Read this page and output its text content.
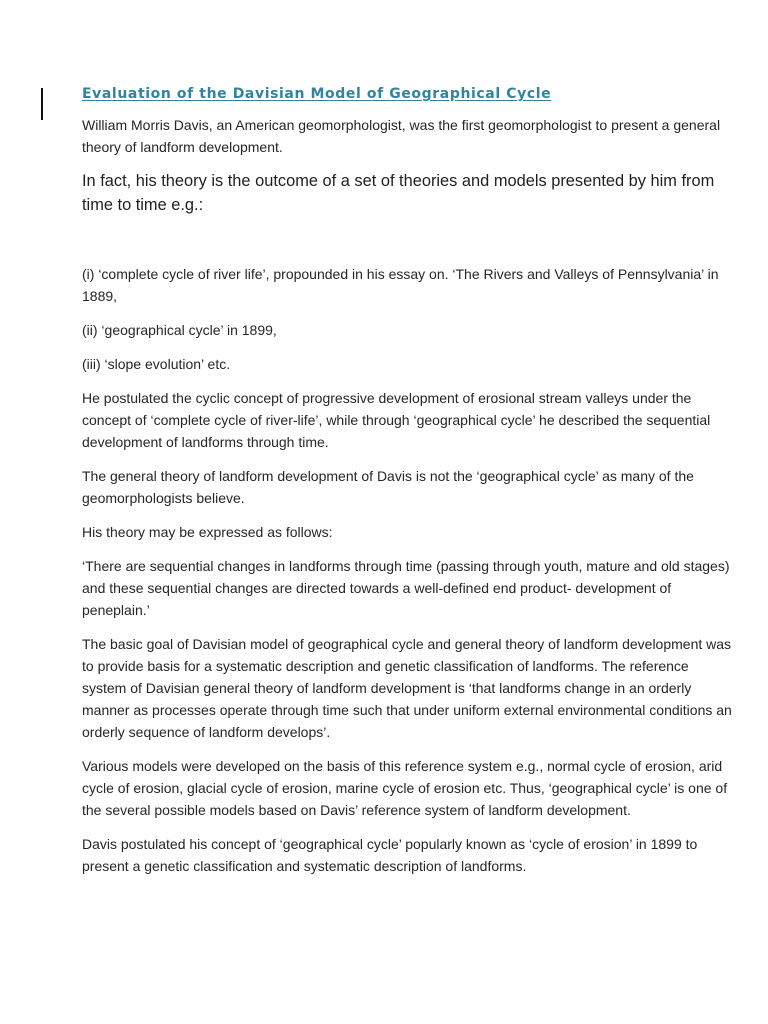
Evaluation of the Davisian Model of Geographical Cycle

William Morris Davis, an American geomorphologist, was the first geomorphologist to present a general theory of landform development.

In fact, his theory is the outcome of a set of theories and models presented by him from time to time e.g.:

(i) ‘complete cycle of river life’, propounded in his essay on. ‘The Rivers and Valleys of Pennsylvania’ in 1889,

(ii) ‘geographical cycle’ in 1899,

(iii) ‘slope evolution’ etc.

He postulated the cyclic concept of progressive development of erosional stream valleys under the concept of ‘complete cycle of river-life’, while through ‘geographical cycle’ he described the sequential development of landforms through time.

The general theory of landform development of Davis is not the ‘geographical cycle’ as many of the geomorphologists believe.

His theory may be expressed as follows:

‘There are sequential changes in landforms through time (passing through youth, mature and old stages) and these sequential changes are directed towards a well-defined end product- development of peneplain.’

The basic goal of Davisian model of geographical cycle and general theory of landform development was to provide basis for a systematic description and genetic classification of landforms. The reference system of Davisian general theory of landform development is ‘that landforms change in an orderly manner as processes operate through time such that under uniform external environmental conditions an orderly sequence of landform develops’.

Various models were developed on the basis of this reference system e.g., normal cycle of erosion, arid cycle of erosion, glacial cycle of erosion, marine cycle of erosion etc. Thus, ‘geographical cycle’ is one of the several possible models based on Davis’ reference system of landform development.

Davis postulated his concept of ‘geographical cycle’ popularly known as ‘cycle of erosion’ in 1899 to present a genetic classification and systematic description of landforms.
